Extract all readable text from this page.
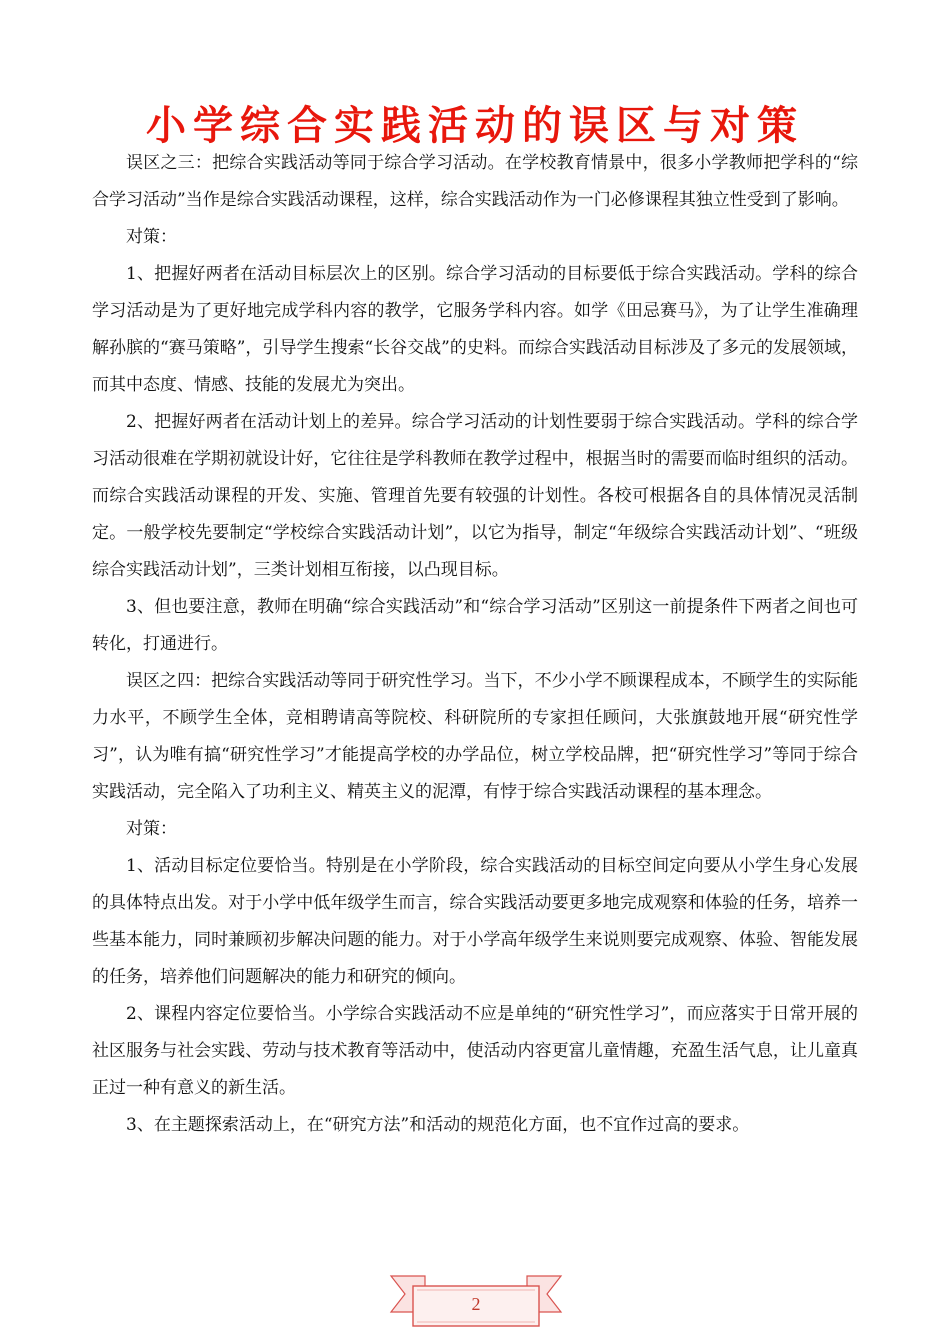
小学综合实践活动的误区与对策

误区之三：把综合实践活动等同于综合学习活动。在学校教育情景中，很多小学教师把学科的“综合学习活动”当作是综合实践活动课程，这样，综合实践活动作为一门必修课程其独立性受到了影响。

对策：

1、把握好两者在活动目标层次上的区别。综合学习活动的目标要低于综合实践活动。学科的综合学习活动是为了更好地完成学科内容的教学，它服务学科内容。如学《田忌赛马》，为了让学生准确理解孙膑的“赛马策略”，引导学生搜索“长谷交战”的史料。而综合实践活动目标涉及了多元的发展领域，而其中态度、情感、技能的发展尤为突出。

2、把握好两者在活动计划上的差异。综合学习活动的计划性要弱于综合实践活动。学科的综合学习活动很难在学期初就设计好，它往往是学科教师在教学过程中，根据当时的需要而临时组织的活动。而综合实践活动课程的开发、实施、管理首先要有较强的计划性。各校可根据各自的具体情况灵活制定。一般学校先要制定“学校综合实践活动计划”，以它为指导，制定“年级综合实践活动计划”、“班级综合实践活动计划”，三类计划相互衔接，以凸现目标。

3、但也要注意，教师在明确“综合实践活动”和“综合学习活动”区别这一前提条件下两者之间也可转化，打通进行。

误区之四：把综合实践活动等同于研究性学习。当下，不少小学不顾课程成本，不顾学生的实际能力水平，不顾学生全体，竞相聘请高等院校、科研院所的专家担任顾问，大张旗鼓地开展“研究性学习”，认为唯有搞“研究性学习”才能提高学校的办学品位，树立学校品牌，把“研究性学习”等同于综合实践活动，完全陷入了功利主义、精英主义的泥潭，有悖于综合实践活动课程的基本理念。

对策：

1、活动目标定位要恰当。特别是在小学阶段，综合实践活动的目标空间定向要从小学生身心发展的具体特点出发。对于小学中低年级学生而言，综合实践活动要更多地完成观察和体验的任务，培养一些基本能力，同时兼顾初步解决问题的能力。对于小学高年级学生来说则要完成观察、体验、智能发展的任务，培养他们问题解决的能力和研究的倾向。

2、课程内容定位要恰当。小学综合实践活动不应是单纯的“研究性学习”，而应落实于日常开展的社区服务与社会实践、劳动与技术教育等活动中，使活动内容更富儿童情趣，充盈生活气息，让儿童真正过一种有意义的新生活。

3、在主题探索活动上，在“研究方法”和活动的规范化方面，也不宜作过高的要求。

2
